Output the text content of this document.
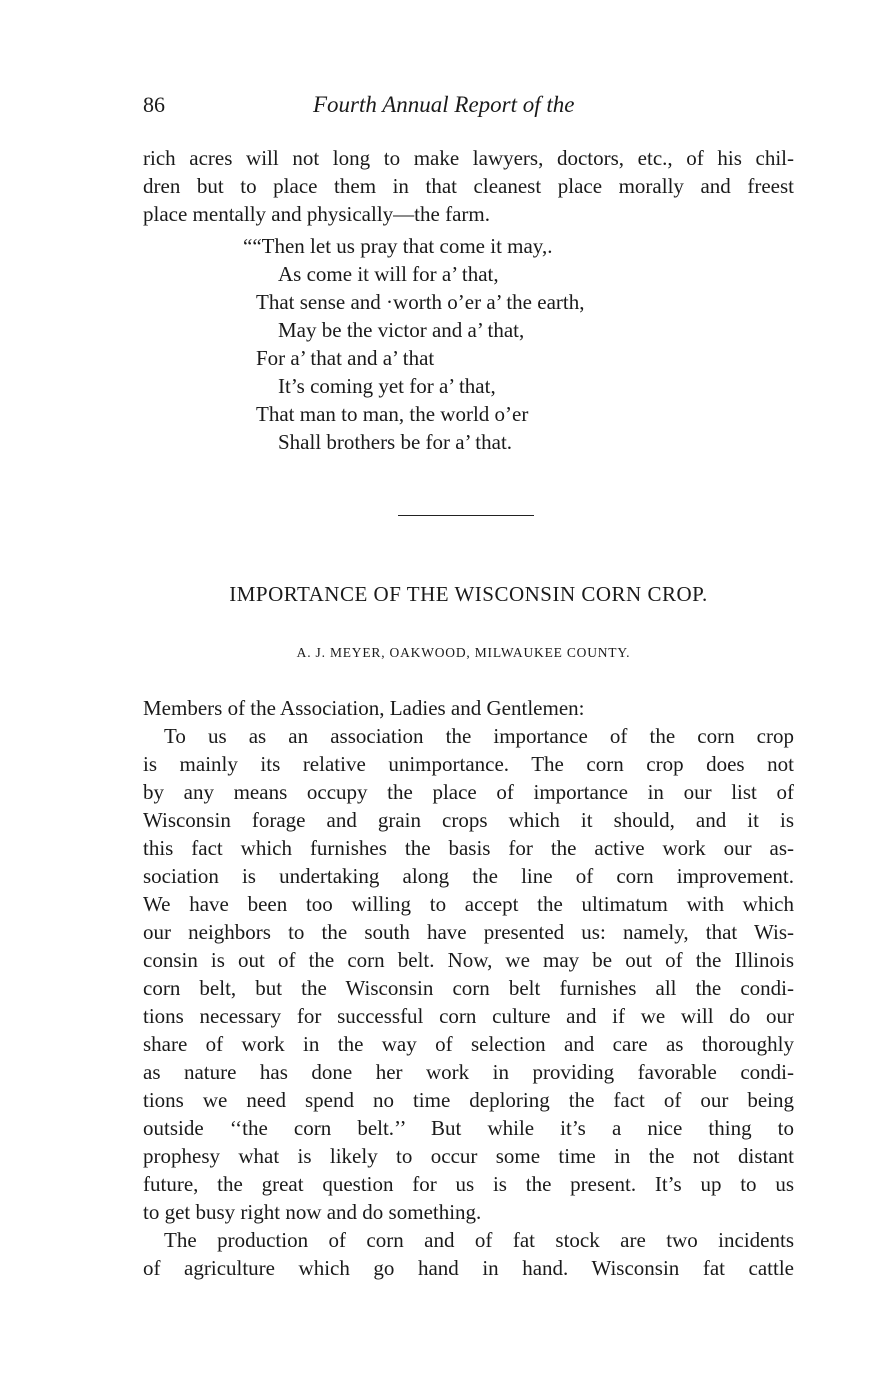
86	Fourth Annual Report of the
rich acres will not long to make lawyers, doctors, etc., of his chil-
dren but to place them in that cleanest place morally and freest
place mentally and physically—the farm.
““Then let us pray that come it may,.
As come it will for a’ that,
That sense and ·worth o’er a’ the earth,
May be the victor and a’ that,
For a’ that and a’ that
It’s coming yet for a’ that,
That man to man, the world o’er
Shall brothers be for a’ that.
IMPORTANCE OF THE WISCONSIN CORN CROP.
A. J. MEYER, OAKWOOD, MILWAUKEE COUNTY.
Members of the Association, Ladies and Gentlemen:
To us as an association the importance of the corn crop
is mainly its relative unimportance. The corn crop does not
by any means occupy the place of importance in our list of
Wisconsin forage and grain crops which it should, and it is
this fact which furnishes the basis for the active work our as-
sociation is undertaking along the line of corn improvement.
We have been too willing to accept the ultimatum with which
our neighbors to the south have presented us: namely, that Wis-
consin is out of the corn belt. Now, we may be out of the Illinois
corn belt, but the Wisconsin corn belt furnishes all the condi-
tions necessary for successful corn culture and if we will do our
share of work in the way of selection and care as thoroughly
as nature has done her work in providing favorable condi-
tions we need spend no time deploring the fact of our being
outside ‘‘the corn belt.’’ But while it’s a nice thing to
prophesy what is likely to occur some time in the not distant
future, the great question for us is the present. It’s up to us
to get busy right now and do something.
The production of corn and of fat stock are two incidents
of agriculture which go hand in hand. Wisconsin fat cattle
